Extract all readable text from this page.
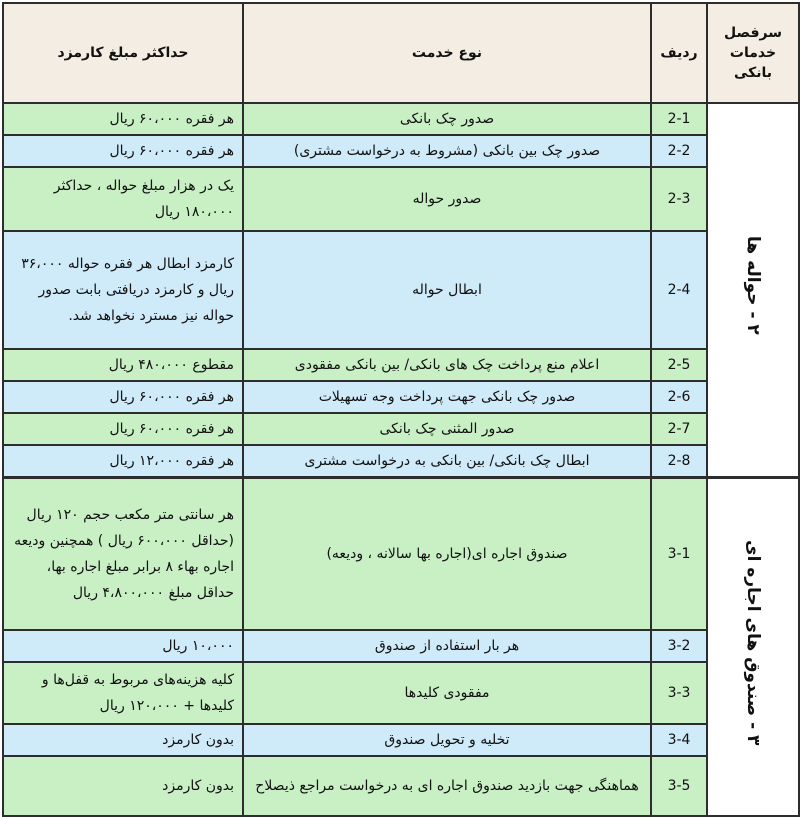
سرفصل خدمات بانکی	ردیف	نوع خدمت	حداکثر مبلغ کارمزد
۲ - حواله ها	2-1	صدور چک بانکی	هر فقره ۶۰،۰۰۰ ریال
	2-2	صدور چک بین بانکی (مشروط به درخواست مشتری)	هر فقره ۶۰،۰۰۰ ریال
	2-3	صدور حواله	یک در هزار مبلغ حواله ، حداکثر ۱۸۰،۰۰۰ ریال
	2-4	ابطال حواله	کارمزد ابطال هر فقره حواله ۳۶،۰۰۰ ریال و کارمزد دریافتی بابت صدور حواله نیز مسترد نخواهد شد.
	2-5	اعلام منع پرداخت چک های بانکی/ بین بانکی مفقودی	مقطوع ۴۸۰،۰۰۰ ریال
	2-6	صدور چک بانکی جهت پرداخت وجه تسهیلات	هر فقره ۶۰،۰۰۰ ریال
	2-7	صدور المثنی چک بانکی	هر فقره ۶۰،۰۰۰ ریال
	2-8	ابطال چک بانکی/ بین بانکی به درخواست مشتری	هر فقره ۱۲،۰۰۰ ریال
۳ - صندوق های اجاره ای	3-1	صندوق اجاره ای(اجاره بها سالانه ، ودیعه)	هر سانتی متر مکعب حجم ۱۲۰ ریال (حداقل ۶۰۰،۰۰۰ ریال ) همچنین ودیعه اجاره بهاء ۸ برابر مبلغ اجاره بها، حداقل مبلغ ۴،۸۰۰،۰۰۰ ریال
	3-2	هر بار استفاده از صندوق	۱۰،۰۰۰ ریال
	3-3	مفقودی کلیدها	کلیه هزینه‌های مربوط به قفل‌ها و کلیدها + ۱۲۰،۰۰۰ ریال
	3-4	تخلیه و تحویل صندوق	بدون کارمزد
	3-5	هماهنگی جهت بازدید صندوق اجاره ای به درخواست مراجع ذیصلاح	بدون کارمزد
